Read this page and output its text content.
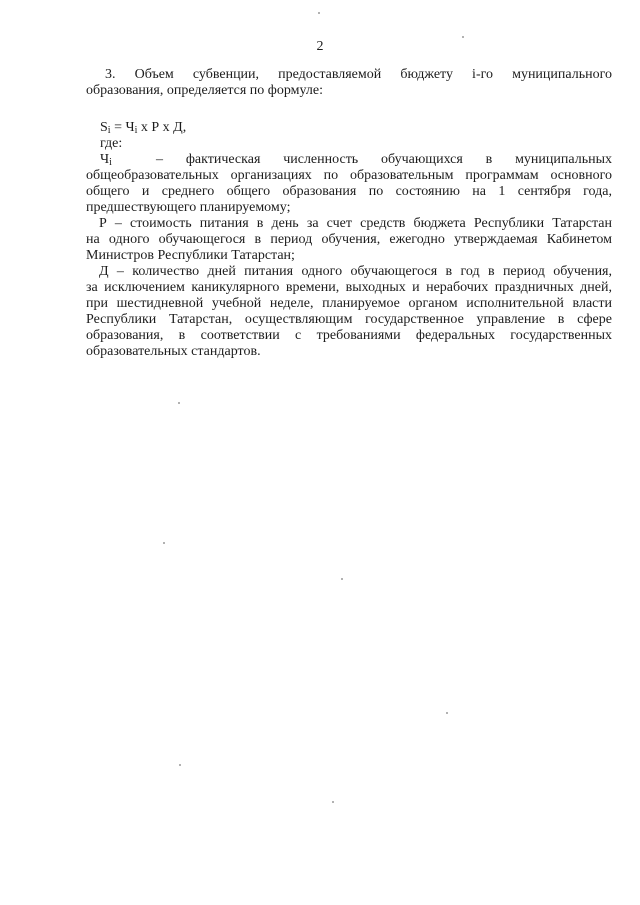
2
3. Объем субвенции, предоставляемой бюджету i-го муниципального
образования, определяется по формуле:
$S_i = Ч_i$ х Р х Д,
где:
$Ч_i$	– фактическая численность обучающихся в муниципальных
общеобразовательных организациях по образовательным программам основного
общего и среднего общего образования по состоянию на 1 сентября года,
предшествующего планируемому;
Р – стоимость питания в день за счет средств бюджета Республики Татарстан
на одного обучающегося в период обучения, ежегодно утверждаемая Кабинетом
Министров Республики Татарстан;
Д – количество дней питания одного обучающегося в год в период обучения,
за исключением каникулярного времени, выходных и нерабочих праздничных дней,
при шестидневной учебной неделе, планируемое органом исполнительной власти
Республики Татарстан, осуществляющим государственное управление в сфере
образования, в соответствии с требованиями федеральных государственных
образовательных стандартов.
